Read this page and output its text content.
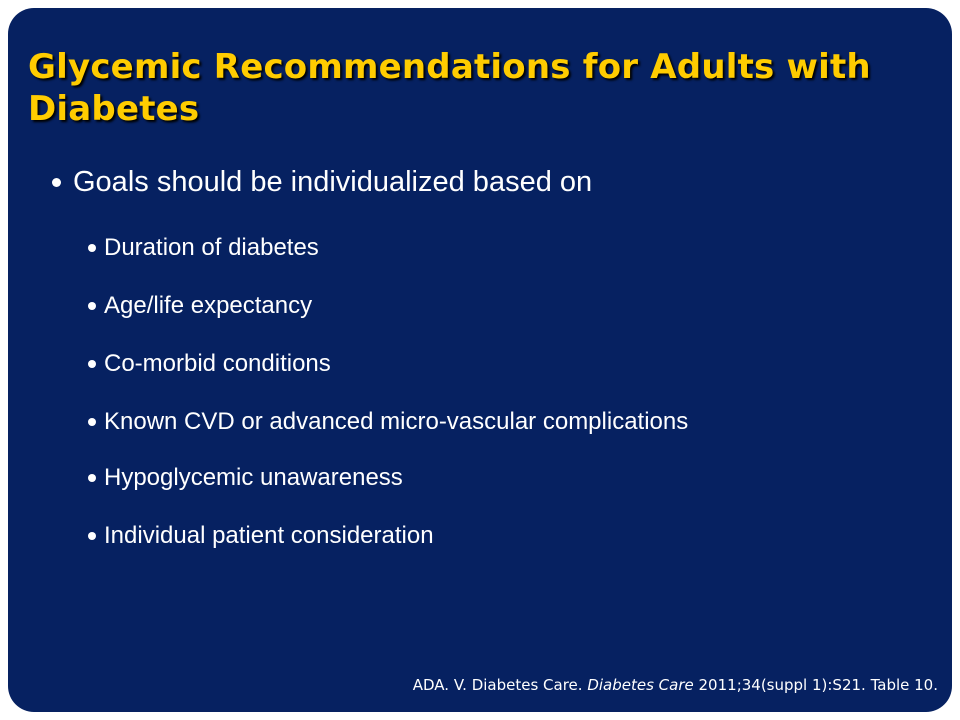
Glycemic Recommendations for Adults with Diabetes
Goals should be individualized based on
Duration of diabetes
Age/life expectancy
Co-morbid conditions
Known CVD or advanced micro-vascular complications
Hypoglycemic unawareness
Individual patient consideration
ADA. V. Diabetes Care. Diabetes Care 2011;34(suppl 1):S21. Table 10.
